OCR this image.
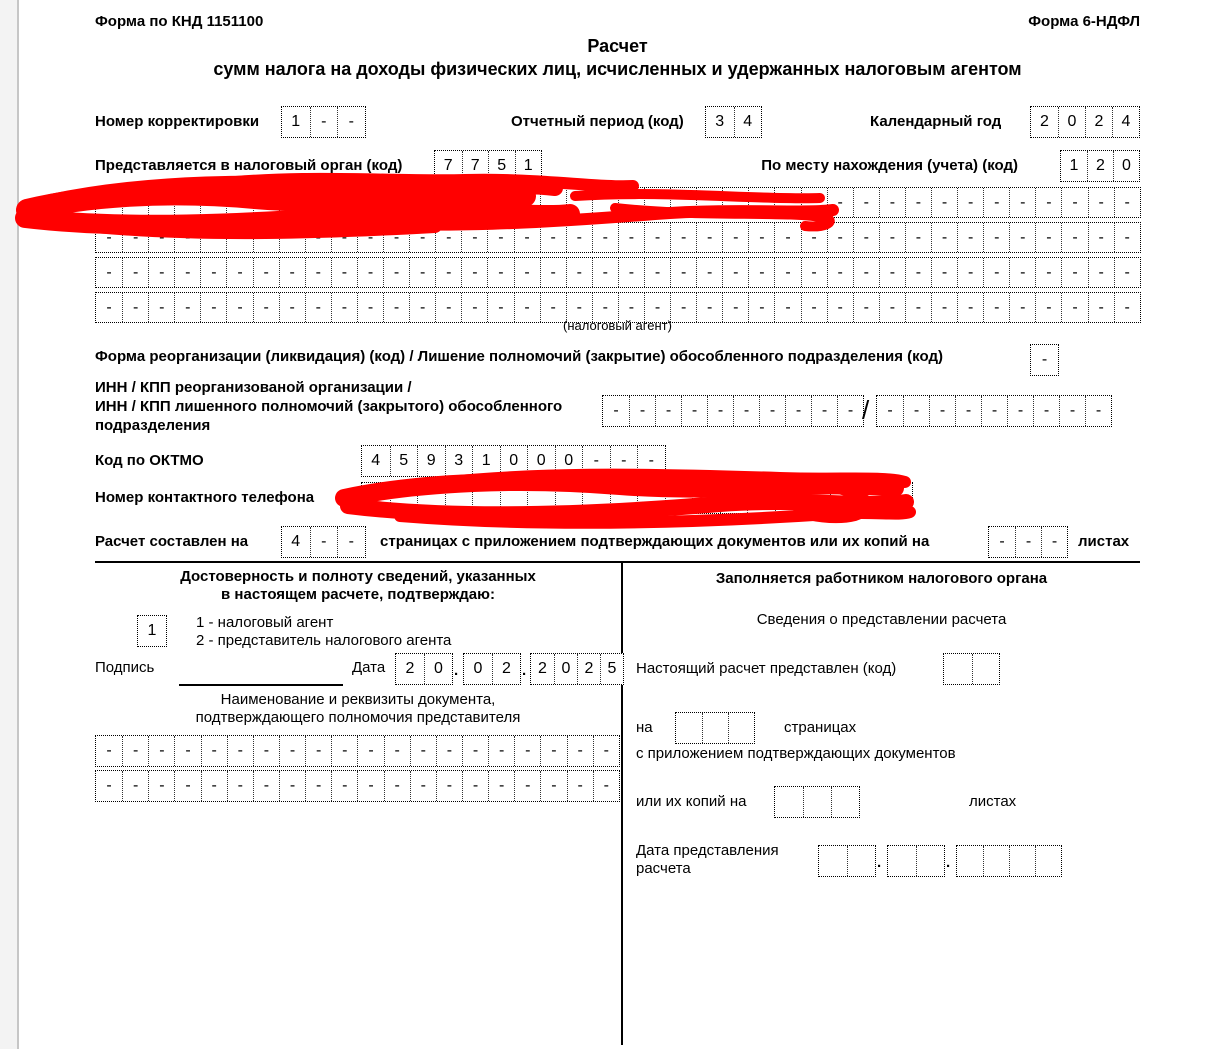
Форма по КНД 1151100	Форма 6-НДФЛ
Расчет
сумм налога на доходы физических лиц, исчисленных и удержанных налоговым агентом
Номер корректировки	1	-	-	Отчетный период (код)	3	4	Календарный год	2	0	2	4
Представляется в налоговый орган (код)	7	7	5	1	По месту нахождения (учета) (код)	1	2	0
-	-	-	-	-	-	-	-	-	-	-	-
-	-	-	-	-	-	-	-	-	-	-	-	-	-	-	-	-	-	-	-	-	-	-	-	-	-	-	-	-	-	-	-	-	-	-	-	-	-	-	-
-	-	-	-	-	-	-	-	-	-	-	-	-	-	-	-	-	-	-	-	-	-	-	-	-	-	-	-	-	-	-	-	-	-	-	-	-	-	-	-
-	-	-	-	-	-	-	-	-	-	-	-	-	-	-	-	-	-	-	-	-	-	-	-	-	-	-	-	-	-	-	-	-	-	-	-	-	-	-	-
(налоговый агент)
Форма реорганизации (ликвидация) (код) / Лишение полномочий (закрытие) обособленного подразделения (код)	-
ИНН / КПП реорганизованой организации /
ИНН / КПП лишенного полномочий (закрытого) обособленного
подразделения
-	-	-	-	-	-	-	-	-	- /	-	-	-	-	-	-	-	-	-
Код по ОКТМО	4	5	9	3	1	0	0	0	-	-	-
Номер контактного телефона	-	-
Расчет составлен на	4	-	-	страницах с приложением подтверждающих документов или их копий на	-	-	-	листах
Достоверность и полноту сведений, указанных
в настоящем расчете, подтверждаю:
1	1 - налоговый агент
2 - представитель налогового агента
Подпись	Дата	2	0 . 0	2 . 2 0 2 5
Наименование и реквизиты документа,
подтверждающего полномочия представителя
-	-	-	-	-	-	-	-	-	-	-	-	-	-	-	-	-	-	-	-
-	-	-	-	-	-	-	-	-	-	-	-	-	-	-	-	-	-	-	-
Заполняется работником налогового органа
Сведения о представлении расчета
Настоящий расчет представлен (код)
на	страницах
с приложением подтверждающих документов
или их копий на	листах
Дата представления
расчета	.	.
